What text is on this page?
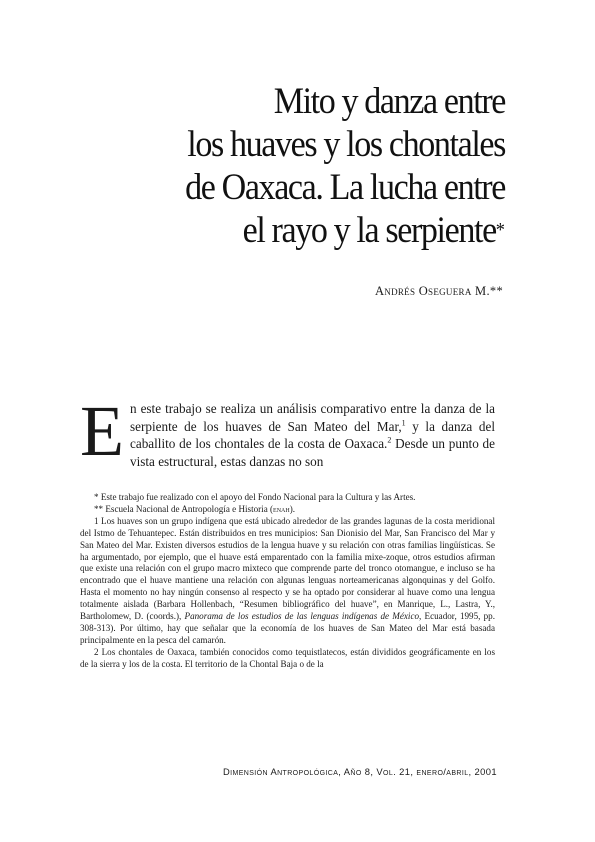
Mito y danza entre
los huaves y los chontales
de Oaxaca. La lucha entre
el rayo y la serpiente*
Andrés Oseguera M.**

En este trabajo se realiza un análisis comparativo entre la danza de la serpiente de los huaves de San Mateo del Mar,$^1$ y la danza del caballito de los chontales de la costa de Oaxaca.$^2$ Desde un punto de vista estructural, estas danzas no son

* Este trabajo fue realizado con el apoyo del Fondo Nacional para la Cultura y las Artes.

** Escuela Nacional de Antropología e Historia (enah).

1 Los huaves son un grupo indígena que está ubicado alrededor de las grandes lagunas de la costa meridional del Istmo de Tehuantepec. Están distribuidos en tres municipios: San Dionisio del Mar, San Francisco del Mar y San Mateo del Mar. Existen diversos estudios de la lengua huave y su relación con otras familias lingüísticas. Se ha argumentado, por ejemplo, que el huave está emparentado con la familia mixe-zoque, otros estudios afirman que existe una relación con el grupo macro mixteco que comprende parte del tronco otomangue, e incluso se ha encontrado que el huave mantiene una relación con algunas lenguas norteamericanas algonquinas y del Golfo. Hasta el momento no hay ningún consenso al respecto y se ha optado por considerar al huave como una lengua totalmente aislada (Barbara Hollenbach, “Resumen bibliográfico del huave”, en Manrique, L., Lastra, Y., Bartholomew, D. (coords.), Panorama de los estudios de las lenguas indígenas de México, Ecuador, 1995, pp. 308-313). Por último, hay que señalar que la economía de los huaves de San Mateo del Mar está basada principalmente en la pesca del camarón.

2 Los chontales de Oaxaca, también conocidos como tequistlatecos, están divididos geográficamente en los de la sierra y los de la costa. El territorio de la Chontal Baja o de la

Dimensión Antropológica, Año 8, Vol. 21, enero/abril, 2001
